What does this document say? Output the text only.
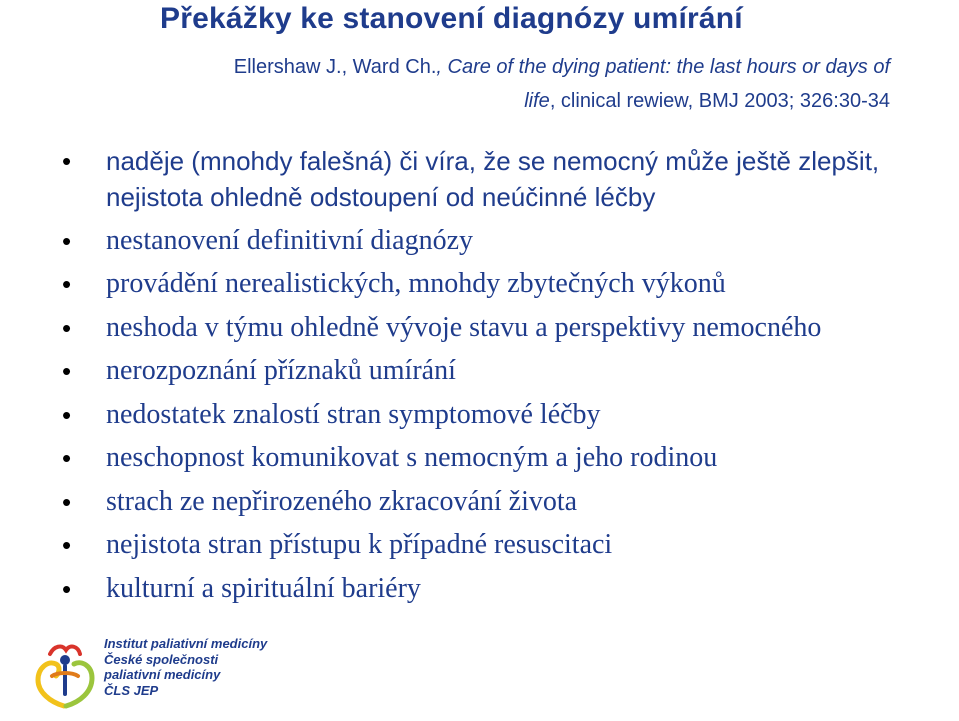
Překážky ke stanovení diagnózy umírání
Ellershaw J., Ward Ch., Care of the dying patient: the last hours or days of
life, clinical rewiew, BMJ 2003; 326:30-34
• naděje (mnohdy falešná) či víra, že se nemocný může ještě zlepšit, nejistota ohledně odstoupení od neúčinné léčby
• nestanovení definitivní diagnózy
• provádění nerealistických, mnohdy zbytečných výkonů
• neshoda v týmu ohledně vývoje stavu a perspektivy nemocného
• nerozpoznání příznaků umírání
• nedostatek znalostí stran symptomové léčby
• neschopnost komunikovat s nemocným a jeho rodinou
• strach ze nepřirozeného zkracování života
• nejistota stran přístupu k případné resuscitaci
• kulturní a spirituální bariéry
Institut paliativní medicíny
České společnosti
paliativní medicíny
ČLS JEP
